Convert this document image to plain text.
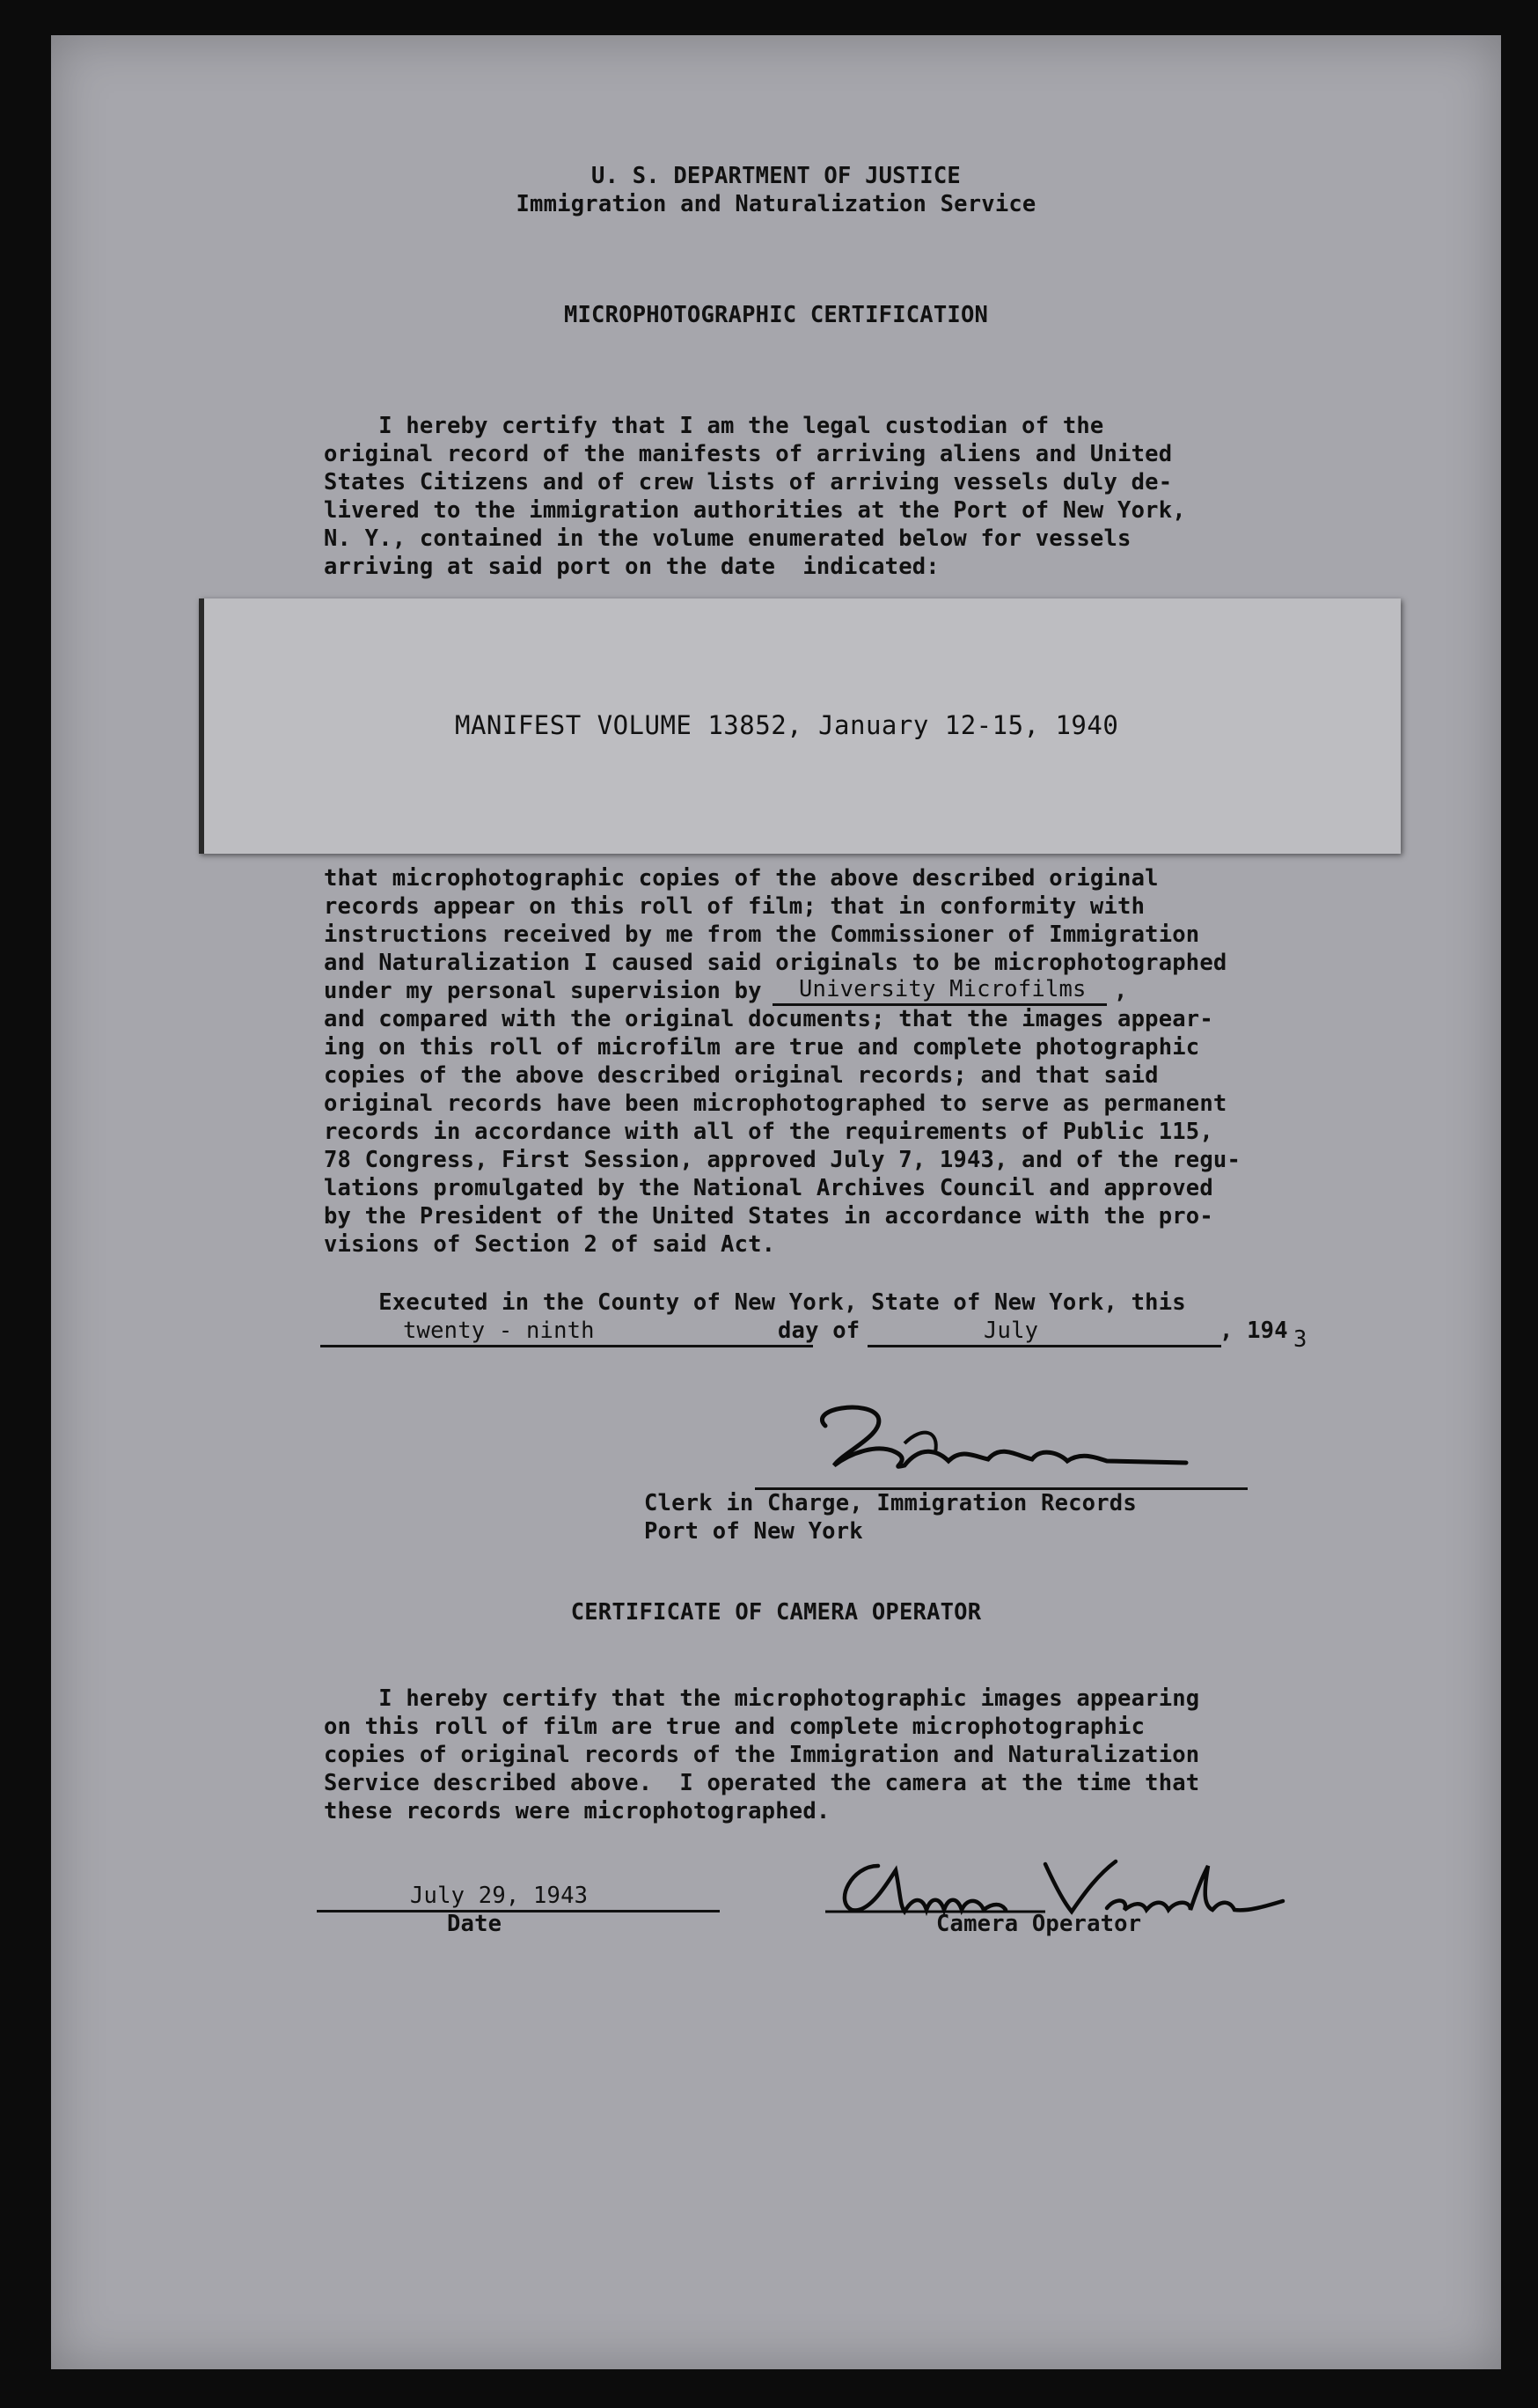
U. S. DEPARTMENT OF JUSTICE
Immigration and Naturalization Service
MICROPHOTOGRAPHIC CERTIFICATION
I hereby certify that I am the legal custodian of the
original record of the manifests of arriving aliens and United
States Citizens and of crew lists of arriving vessels duly de-
livered to the immigration authorities at the Port of New York,
N. Y., contained in the volume enumerated below for vessels
arriving at said port on the date  indicated:
MANIFEST VOLUME 13852, January 12-15, 1940
that microphotographic copies of the above described original
records appear on this roll of film; that in conformity with
instructions received by me from the Commissioner of Immigration
and Naturalization I caused said originals to be microphotographed
under my personal supervision by University Microfilms ,
and compared with the original documents; that the images appear-
ing on this roll of microfilm are true and complete photographic
copies of the above described original records; and that said
original records have been microphotographed to serve as permanent
records in accordance with all of the requirements of Public 115,
78 Congress, First Session, approved July 7, 1943, and of the regu-
lations promulgated by the National Archives Council and approved
by the President of the United States in accordance with the pro-
visions of Section 2 of said Act.
Executed in the County of New York, State of New York, this
twenty - ninth	day of	July	, 194 3
Clerk in Charge, Immigration Records
Port of New York
CERTIFICATE OF CAMERA OPERATOR
I hereby certify that the microphotographic images appearing
on this roll of film are true and complete microphotographic
copies of original records of the Immigration and Naturalization
Service described above.  I operated the camera at the time that
these records were microphotographed.
July 29, 1943
Date	Camera Operator
